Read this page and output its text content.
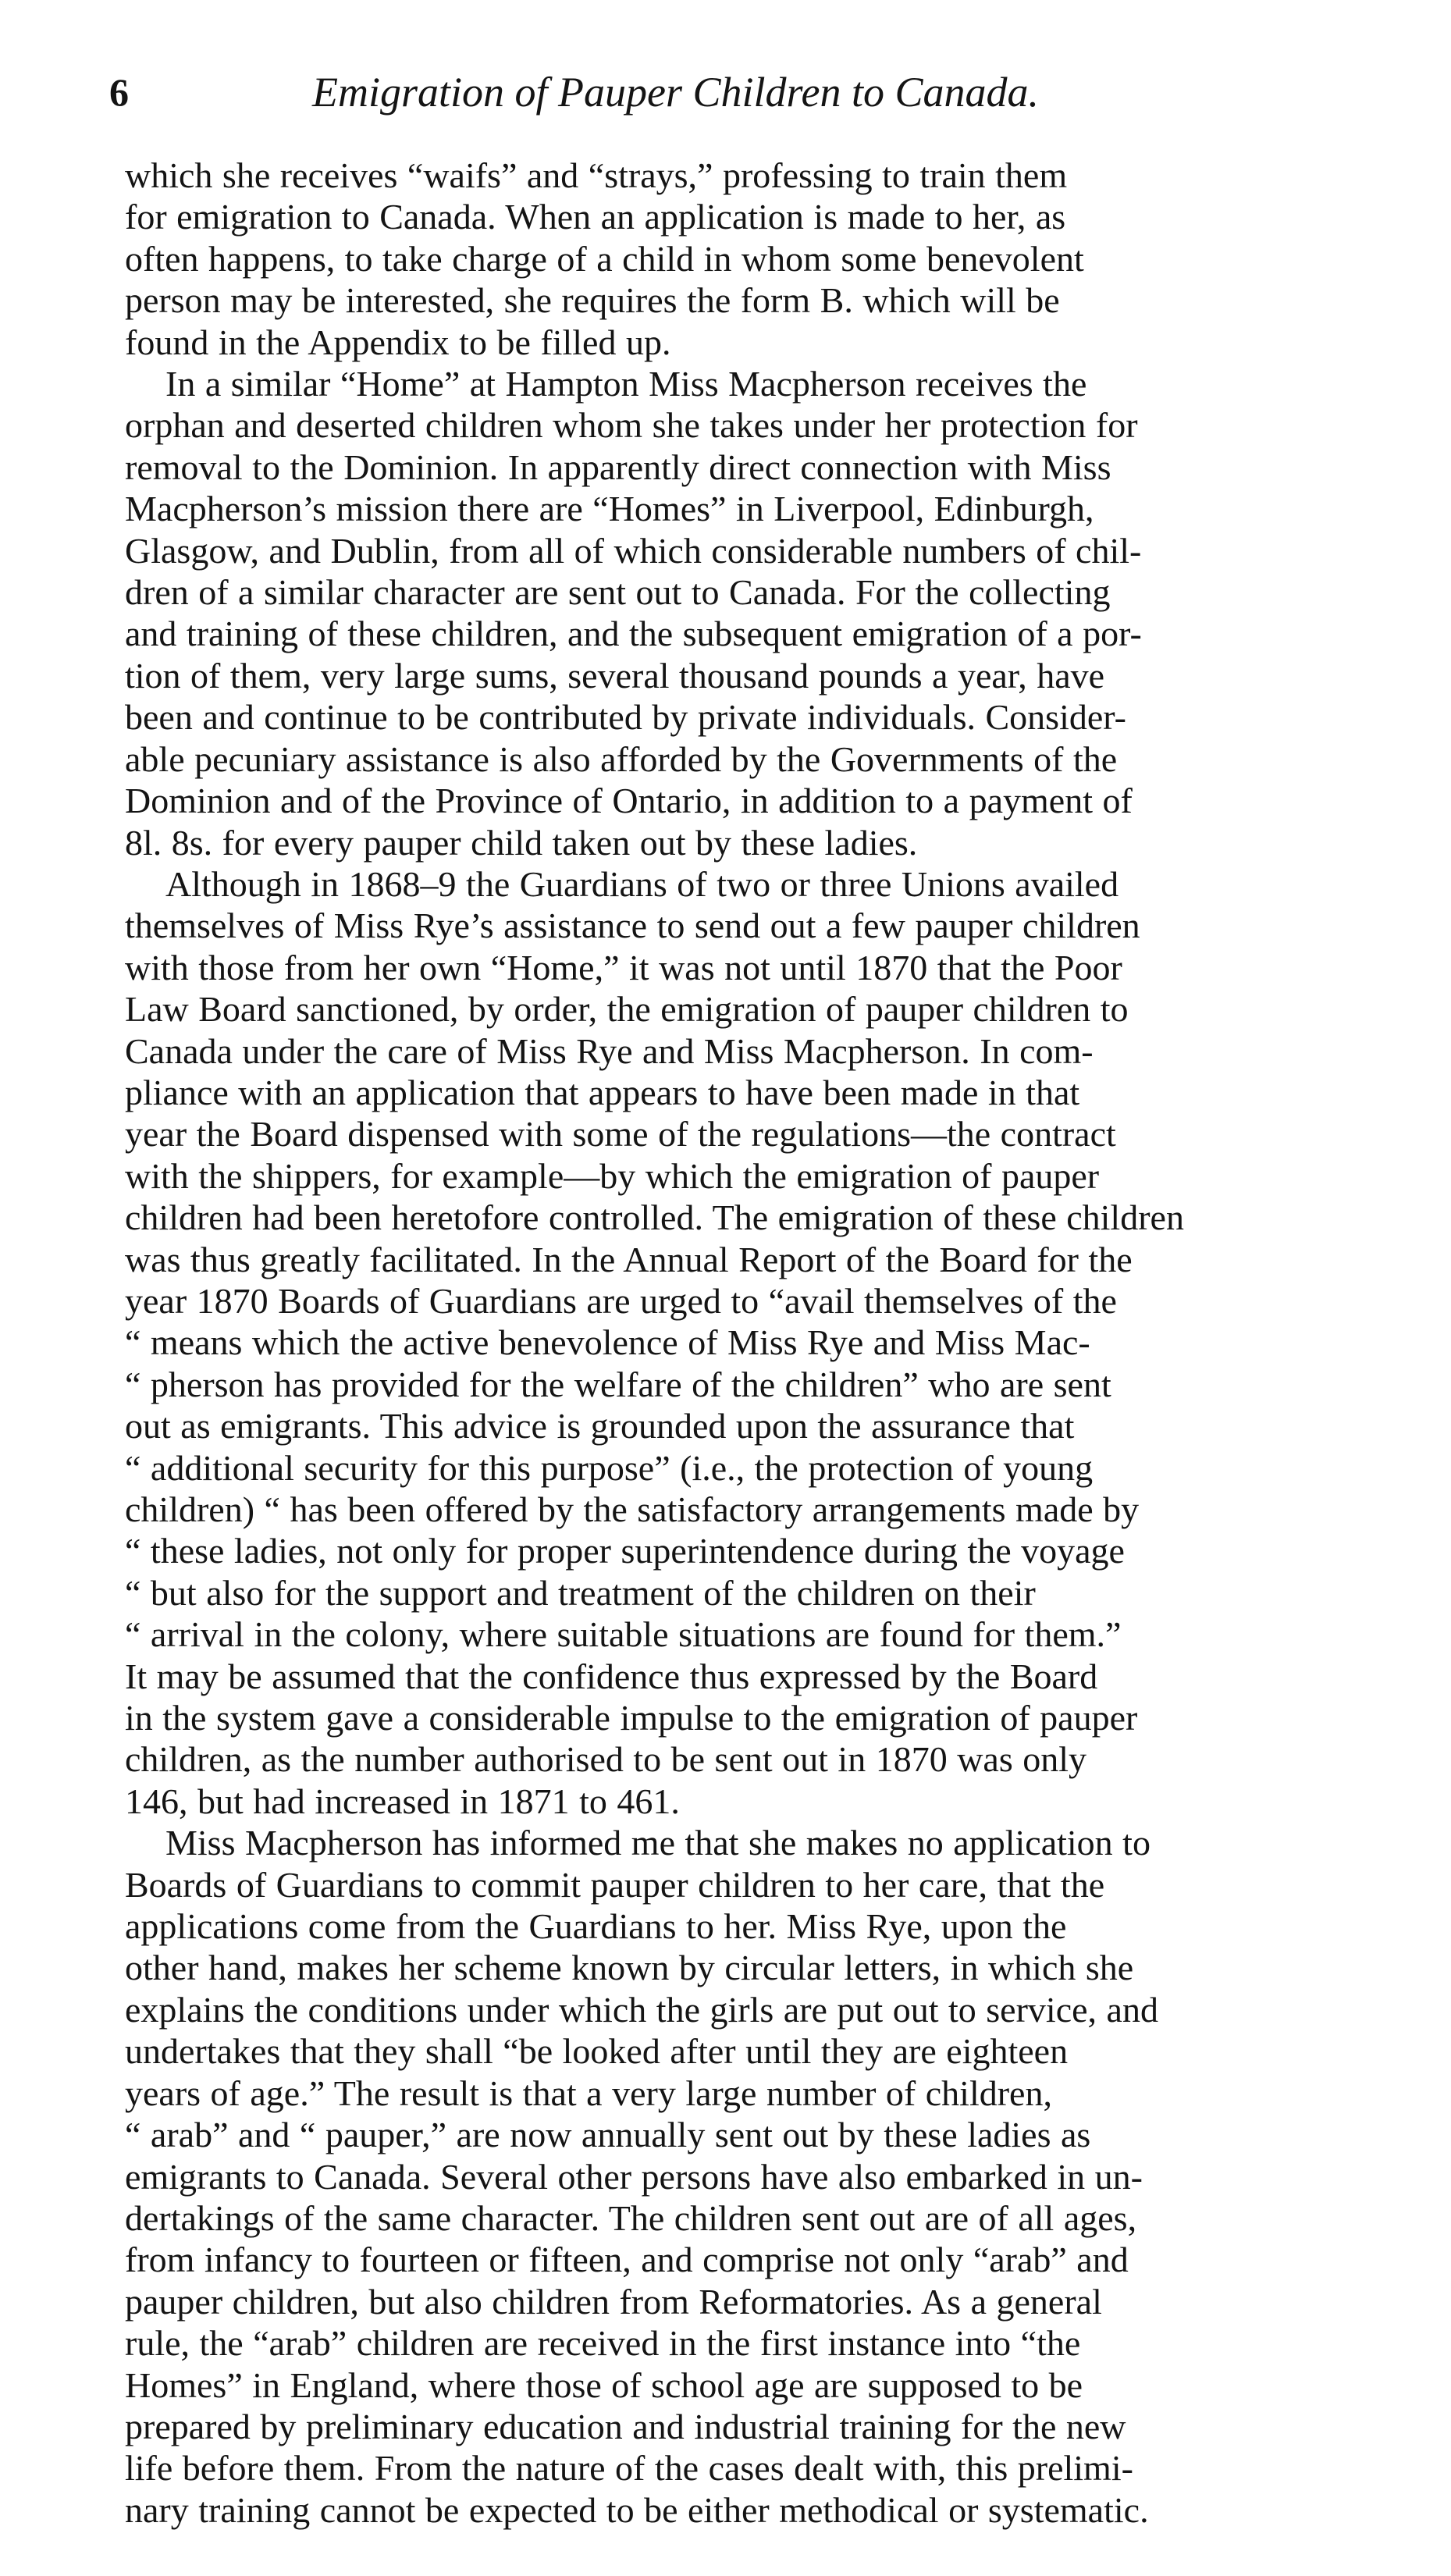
6	Emigration of Pauper Children to Canada.

which she receives “waifs” and “strays,” professing to train them
for emigration to Canada. When an application is made to her, as
often happens, to take charge of a child in whom some benevolent
person may be interested, she requires the form B. which will be
found in the Appendix to be filled up.

In a similar “Home” at Hampton Miss Macpherson receives the
orphan and deserted children whom she takes under her protection for
removal to the Dominion. In apparently direct connection with Miss
Macpherson’s mission there are “Homes” in Liverpool, Edinburgh,
Glasgow, and Dublin, from all of which considerable numbers of chil-
dren of a similar character are sent out to Canada. For the collecting
and training of these children, and the subsequent emigration of a por-
tion of them, very large sums, several thousand pounds a year, have
been and continue to be contributed by private individuals. Consider-
able pecuniary assistance is also afforded by the Governments of the
Dominion and of the Province of Ontario, in addition to a payment of
8l. 8s. for every pauper child taken out by these ladies.

Although in 1868–9 the Guardians of two or three Unions availed
themselves of Miss Rye’s assistance to send out a few pauper children
with those from her own “Home,” it was not until 1870 that the Poor
Law Board sanctioned, by order, the emigration of pauper children to
Canada under the care of Miss Rye and Miss Macpherson. In com-
pliance with an application that appears to have been made in that
year the Board dispensed with some of the regulations—the contract
with the shippers, for example—by which the emigration of pauper
children had been heretofore controlled. The emigration of these children
was thus greatly facilitated. In the Annual Report of the Board for the
year 1870 Boards of Guardians are urged to “avail themselves of the
“ means which the active benevolence of Miss Rye and Miss Mac-
“ pherson has provided for the welfare of the children” who are sent
out as emigrants. This advice is grounded upon the assurance that
“ additional security for this purpose” (i.e., the protection of young
children) “ has been offered by the satisfactory arrangements made by
“ these ladies, not only for proper superintendence during the voyage
“ but also for the support and treatment of the children on their
“ arrival in the colony, where suitable situations are found for them.”
It may be assumed that the confidence thus expressed by the Board
in the system gave a considerable impulse to the emigration of pauper
children, as the number authorised to be sent out in 1870 was only
146, but had increased in 1871 to 461.

Miss Macpherson has informed me that she makes no application to
Boards of Guardians to commit pauper children to her care, that the
applications come from the Guardians to her. Miss Rye, upon the
other hand, makes her scheme known by circular letters, in which she
explains the conditions under which the girls are put out to service, and
undertakes that they shall “be looked after until they are eighteen
years of age.” The result is that a very large number of children,
“ arab” and “ pauper,” are now annually sent out by these ladies as
emigrants to Canada. Several other persons have also embarked in un-
dertakings of the same character. The children sent out are of all ages,
from infancy to fourteen or fifteen, and comprise not only “arab” and
pauper children, but also children from Reformatories. As a general
rule, the “arab” children are received in the first instance into “the
Homes” in England, where those of school age are supposed to be
prepared by preliminary education and industrial training for the new
life before them. From the nature of the cases dealt with, this prelimi-
nary training cannot be expected to be either methodical or systematic.
